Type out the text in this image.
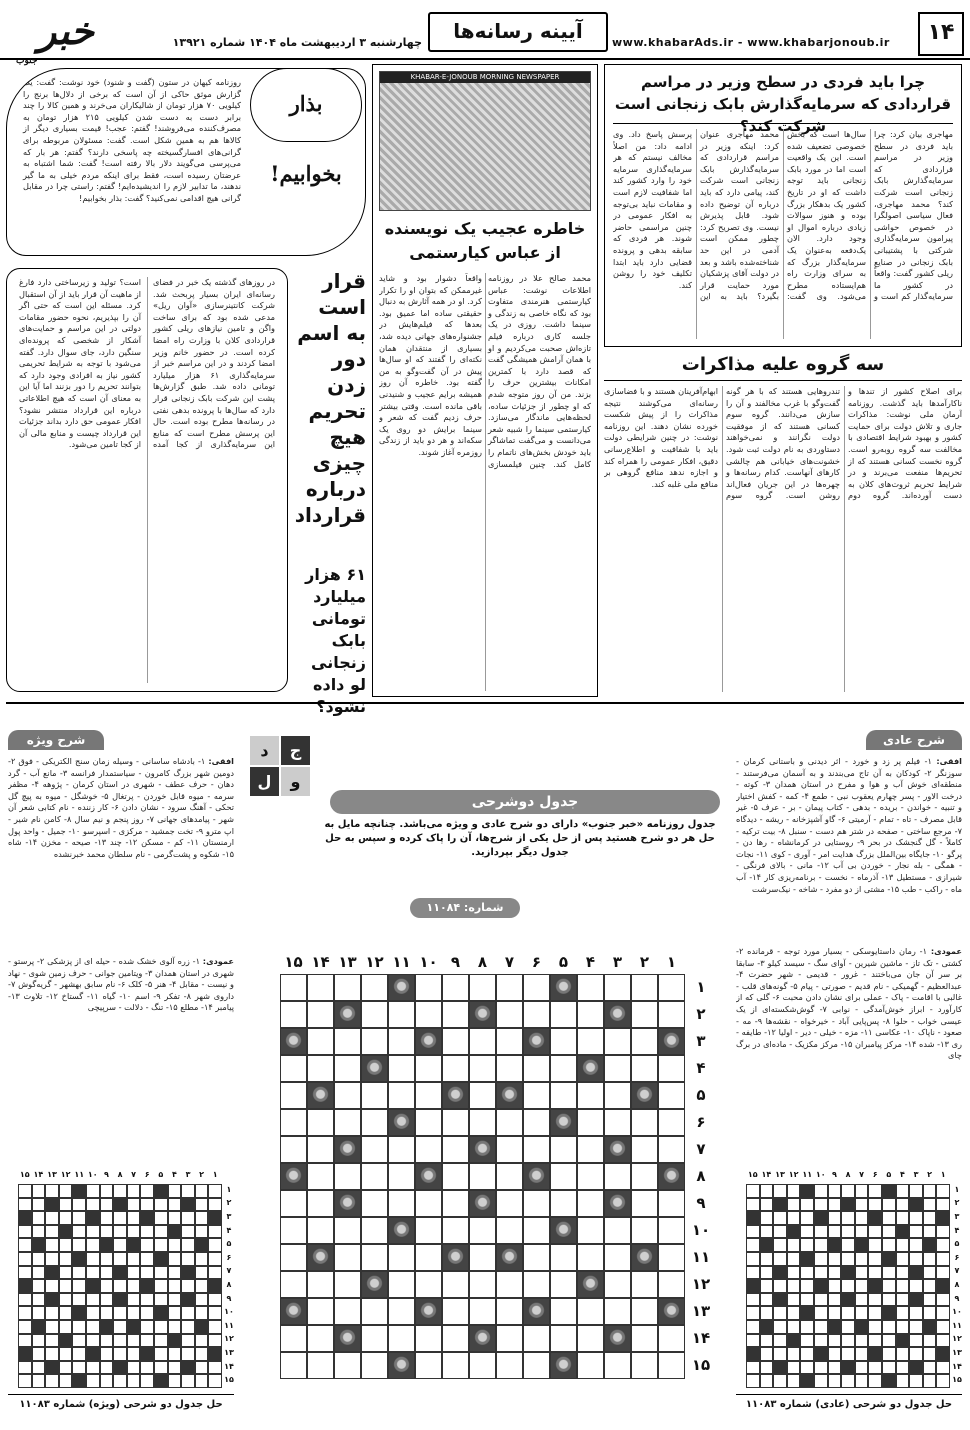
۱۴
www.khabarAds.ir - www.khabarjonoub.ir
آیینه رسانه‌ها
چهارشنبه ۳ اردیبهشت ماه ۱۴۰۴ شماره ۱۳۹۲۱
خبر
جنوب
چرا باید فردی در سطح وزیر در مراسم قراردادی که سرمایه‌گذارش بابک زنجانی است شرکت کند؟	مهاجری بیان کرد: چرا باید فردی در سطح وزیر در مراسم قراردادی که سرمایه‌گذارش بابک زنجانی است شرکت کند؟ محمد مهاجری، فعال سیاسی اصولگرا در خصوص حواشی پیرامون سرمایه‌گذاری شرکتی با پشتیبانی بابک زنجانی در صنایع ریلی کشور گفت: واقعاً در کشور ما سرمایه‌گذار کم است و سال‌ها است که بخش خصوصی تضعیف شده است. این یک واقعیت است اما در مورد بابک زنجانی باید توجه داشت که او در تاریخ کشور یک بدهکار بزرگ بوده و هنوز سوالات زیادی درباره اموال او وجود دارد. الان یک‌دفعه به‌عنوان یک سرمایه‌گذار بزرگ که به سرای وزارت راه هم‌ایستاده مطرح می‌شود. وی گفت: محمد مهاجری عنوان کرد: اینکه وزیر در مراسم قراردادی که سرمایه‌گذارش بابک زنجانی است شرکت کند، پیامی دارد که باید درباره آن توضیح داده شود. قابل پذیرش نیست. وی تصریح کرد: چطور ممکن است آدمی در این حد شناخته‌شده باشد و بعد در دولت آقای پزشکیان مورد حمایت قرار بگیرد؟ باید به این پرسش پاسخ داد. وی ادامه داد: من اصلاً مخالف نیستم که هر سرمایه‌گذاری سرمایه خود را وارد کشور کند اما شفافیت لازم است و مقامات نباید بی‌توجه به افکار عمومی در چنین مراسمی حاضر شوند. هر فردی که سابقه بدهی و پرونده قضایی دارد باید ابتدا تکلیف خود را روشن کند.
سه گروه علیه مذاکرات
برای اصلاح کشور از تندها و ناکارآمدها باید گذشت. روزنامه آرمان ملی نوشت: مذاکرات جاری و تلاش دولت برای حمایت کشور و بهبود شرایط اقتصادی با مخالفت سه گروه روبه‌رو است. گروه نخست کسانی هستند که از تحریم‌ها منفعت می‌برند و در شرایط تحریم ثروت‌های کلان به دست آورده‌اند. گروه دوم تندروهایی هستند که با هر گونه گفت‌وگو با غرب مخالفند و آن را سازش می‌دانند. گروه سوم کسانی هستند که از موفقیت دولت نگرانند و نمی‌خواهند دستاوردی به نام دولت ثبت شود. خشونت‌های خیابانی هم چالشی کارهای آنهاست. کدام رسانه‌ها و چهره‌ها در این جریان فعال‌اند روشن است. گروه سوم ابهام‌آفرینان هستند و با فضاسازی رسانه‌ای می‌کوشند نتیجه مذاکرات را از پیش شکست خورده نشان دهند. این روزنامه نوشت: در چنین شرایطی دولت باید با شفافیت و اطلاع‌رسانی دقیق، افکار عمومی را همراه کند و اجازه ندهد منافع گروهی بر منافع ملی غلبه کند.
KHABAR-E-JONOUB MORNING NEWSPAPER
خاطره عجیب یک نویسنده از عباس کیارستمی
محمد صالح علا در روزنامه اطلاعات نوشت: عباس کیارستمی هنرمندی متفاوت بود که نگاه خاصی به زندگی و سینما داشت. روزی در یک جلسه کاری درباره فیلم تازه‌اش صحبت می‌کردیم و او با همان آرامش همیشگی گفت که قصد دارد با کمترین امکانات بیشترین حرف را بزند. من آن روز متوجه شدم که او چطور از جزئیات ساده، لحظه‌هایی ماندگار می‌سازد. کیارستمی سینما را شبیه شعر می‌دانست و می‌گفت تماشاگر باید خودش بخش‌های ناتمام را کامل کند. چنین فیلمسازی واقعاً دشوار بود و شاید غیرممکن که بتوان او را تکرار کرد. او در همه آثارش به دنبال حقیقتی ساده اما عمیق بود. بعدها که فیلم‌هایش در جشنواره‌های جهانی دیده شد، بسیاری از منتقدان همان نکته‌ای را گفتند که او سال‌ها پیش در آن گفت‌وگو به من گفته بود. خاطره آن روز همیشه برایم عجیب و شنیدنی باقی مانده است. وقتی بیشتر حرف زدیم گفت که شعر و سینما برایش دو روی یک سکه‌اند و هر دو باید از زندگی روزمره آغاز شوند.
بذار بخوابیم!
روزنامه کیهان در ستون (گفت و شنود) خود نوشت: گفت: یک گزارش موثق حاکی از آن است که برخی از دلال‌ها برنج را کیلویی ۷۰ هزار تومان از شالیکاران می‌خرند و همین کالا را چند برابر دست به دست شدن کیلویی ۲۱۵ هزار تومان به مصرف‌کننده می‌فروشند! گفتم: عجب! قیمت بسیاری دیگر از کالاها هم به همین شکل است. گفت: مسئولان مربوطه برای گرانی‌های افسارگسیخته چه پاسخی دارند؟ گفتم: هر بار که می‌پرسی می‌گویند دلار بالا رفته است! گفت: شما اشتباه به عرضتان رسیده است، فقط برای اینکه مردم خیلی به ما گیر ندهند، ما تدابیر لازم را اندیشیده‌ایم! گفتم: راستی چرا در مقابل گرانی هیچ اقدامی نمی‌کنید؟ گفت: بذار بخوابیم!
قرار است به اسم دور زدن تحریم هیچ چیزی درباره قرارداد
۶۱ هزار میلیارد تومانی بابک زنجانی لو داده نشود؟
در روزهای گذشته یک خبر در فضای رسانه‌ای ایران بسیار پربحث شد. شرکت کانتینرسازی «آوان ریل» مدعی شده بود که برای ساخت واگن و تامین نیازهای ریلی کشور قراردادی کلان با وزارت راه امضا کرده است. در حضور خانم وزیر امضا کردند و در این مراسم خبر از سرمایه‌گذاری ۶۱ هزار میلیارد تومانی داده شد. طبق گزارش‌ها پشت این شرکت بابک زنجانی قرار دارد که سال‌ها با پرونده بدهی نفتی در رسانه‌ها مطرح بوده است. حال این پرسش مطرح است که منابع این سرمایه‌گذاری از کجا آمده است؟ تولید و زیرساختی دارد فارغ از ماهیت آن قرار باید از آن استقبال کرد. مسئله این است که حتی اگر آن را بپذیریم، نحوه حضور مقامات دولتی در این مراسم و حمایت‌های آشکار از شخصی که پرونده‌ای سنگین دارد، جای سوال دارد. گفته می‌شود با توجه به شرایط تحریمی کشور نیاز به افرادی وجود دارد که بتوانند تحریم را دور بزنند اما آیا این به معنای آن است که هیچ اطلاعاتی درباره این قرارداد منتشر نشود؟ افکار عمومی حق دارد بداند جزئیات این قرارداد چیست و منابع مالی آن از کجا تامین می‌شود.
شرح عادی
افقی: ۱- فیلم پر زد و خورد - اثر دیدنی و باستانی کرمان - سوزنگر ۲- کودکان به آن تاج می‌بندند و به آسمان می‌فرستند - منطقه‌ای خوش آب و هوا و مفرح در استان همدان ۳- کوته - درخت الاور - پسر چهارم یعقوب نبی - طمع ۴- کمه - کفش اختیار و تنبیه - خواندن - بریده - بدهی - کتاب پیمان - بر - عرف ۵- غیر قابل مصرف - تاه - تمام - آرمیتی ۶- گاو آشپزخانه - ریشه - دیدگاه ۷- مرجع ساختی - صفحه در شتر هم دست - سنبل ۸- بیت ترکیه - کاملاً - گل گنجشک در بحر ۹- روستایی در کرمانشاه - رها دن - پرگو ۱۰- جایگاه بین‌الملل بزرگ هدایت امر - آوری - کوی ۱۱- نجات - همگی - بله نجار - خوردن بی آب ۱۲- مانی - بالای فرنگی - شیرازی - مستطیل ۱۳- آذرماه - نخست - برنامه‌ریزی کار ۱۴- آب ماه - راکب - طب ۱۵- مشتی از دو مفرد - شاخه - نیک‌سرشت
عمودی: ۱- رمان داستایوسکی - بسیار مورد توجه - قرمانده ۲- کشتی - تک تاز - ماشین شیرین - آوای سگ - سیسد کیلو ۳- سابقا بر سر آن جان می‌باختند - غرور - قدیمی - شهر حضرت ۴- عبدالعظیم - گهمیکی - نام قدیم - صورتی - پیام ۵- گونه‌های قلب - غالبی با اقامت - پاک - عملی برای نشان دادن محبت ۶- گلی که از کارآورد - ابراز خوش‌آمدگی - نوابی ۷- گوش‌شکسته‌ای از یک عیسی خواب - حلوا ۸- پس‌پایی آباد - خیرخواه - نقشه‌ها ۹- مه - صعود - ناپاک ۱۰- عکاسی ۱۱- مزه - خیلی - دیر - اولیا ۱۲- طایفه - ری ۱۳- شده ۱۴- مرکز پیامبران ۱۵- مرکز مکزیک - ماده‌ای در برگ چای
شرح ویژه
افقی: ۱- بادشاه ساسانی - وسیله زمان سنج الکتریکی - فوق ۲- دومین شهر بزرگ کامرون - سیاستمدار فرانسه ۳- مانع آب - گرد دهان - حرف عطف - شهری در استان کرمان - پژوهه ۴- مظفر سرمه - میوه قابل خوردن - پرتغال ۵- خوشگل - میوه به پیچ گل تحکی - آهنگ سرود - نشان دادن ۶- کار زننده - نام کتابی شعر آن شهر - پیامدهای جهانی ۷- روز پنجم و نیم سال ۸- کامن نام شیر - اپ مترو ۹- تخت جمشید - مرکزی - اسپرسو ۱۰- جمیل - واحد پول ارمنستان ۱۱- کم - مسکن ۱۲- چند ۱۳- صیحه - مخزن ۱۴- شاه ۱۵- شکوه و پشت‌گرمی - نام سلطان محمد خبرنشده
عمودی: ۱- زره آلوی خشک شده - حیله ای از پزشکی ۲- پرستو - شهری در استان همدان ۳- ویتامین جوانی - حرف زمین شوی - نهاد و نیست - مقابل ۴- هنر ۵- کلک ۶- نام سابق بهشهر - گریه‌گوش ۷- داروی شهر ۸- تفکر ۹- اسم ۱۰- گیاه ۱۱- گستاخ ۱۲- تلاوت ۱۳- پیامبر ۱۴- مطلع ۱۵- تنگ - دلالت - سرپیچی
ج
د
و
ل
جدول دوشرحی
جدول روزنامه «خبر جنوب» دارای دو شرح عادی و ویژه می‌باشد. چنانچه مایل به حل هر دو شرح هستید پس از حل یکی از شرح‌ها، آن را پاک کرده و سپس به حل جدول دیگر بپردازید.
شماره: ۱۱۰۸۴
۱
۱
۲
۲
۳
۳
۴
۴
۵
۵
۶
۶
۷
۷
۸
۸
۹
۹
۱۰
۱۰
۱۱
۱۱
۱۲
۱۲
۱۳
۱۳
۱۴
۱۴
۱۵
۱۵
۱
۱
۲
۲
۳
۳
۴
۴
۵
۵
۶
۶
۷
۷
۸
۸
۹
۹
۱۰
۱۰
۱۱
۱۱
۱۲
۱۲
۱۳
۱۳
۱۴
۱۴
۱۵
۱۵
۱
۱
۲
۲
۳
۳
۴
۴
۵
۵
۶
۶
۷
۷
۸
۸
۹
۹
۱۰
۱۰
۱۱
۱۱
۱۲
۱۲
۱۳
۱۳
۱۴
۱۴
۱۵
۱۵
حل جدول دو شرحی (ویژه) شماره ۱۱۰۸۳	حل جدول دو شرحی (عادی) شماره ۱۱۰۸۳
